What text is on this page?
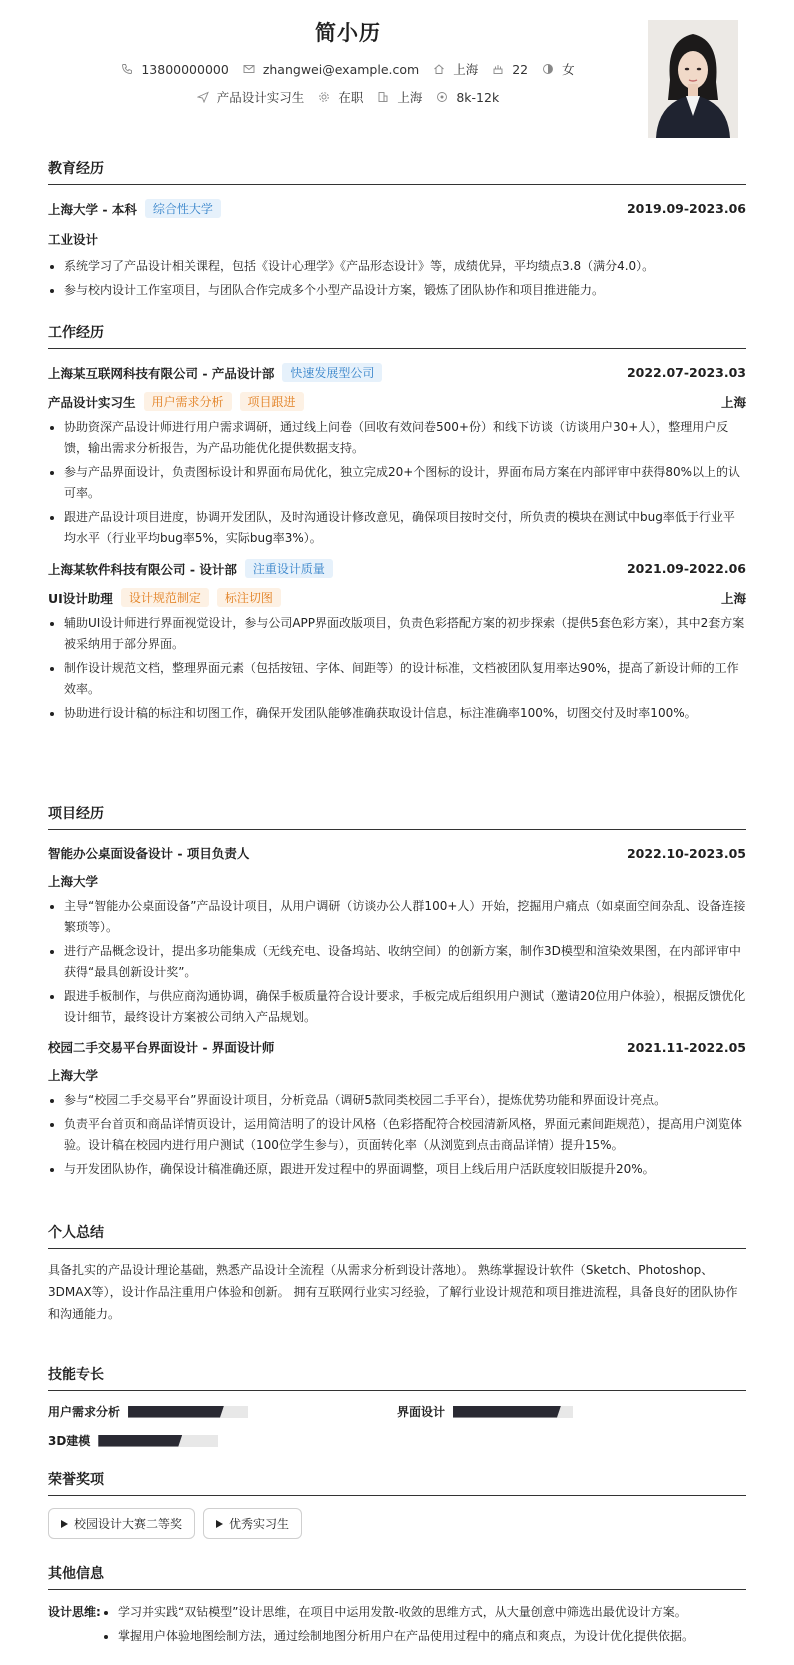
简小历
13800000000	zhangwei@example.com	上海	22	女
产品设计实习生	在职	上海	8k-12k
教育经历
上海大学 - 本科	综合性大学	2019.09-2023.06
工业设计
系统学习了产品设计相关课程，包括《设计心理学》《产品形态设计》等，成绩优异，平均绩点3.8（满分4.0）。
参与校内设计工作室项目，与团队合作完成多个小型产品设计方案，锻炼了团队协作和项目推进能力。
工作经历
上海某互联网科技有限公司 - 产品设计部	快速发展型公司	2022.07-2023.03
产品设计实习生	用户需求分析	项目跟进	上海
协助资深产品设计师进行用户需求调研，通过线上问卷（回收有效问卷500+份）和线下访谈（访谈用户30+人），整理用户反馈，输出需求分析报告，为产品功能优化提供数据支持。
参与产品界面设计，负责图标设计和界面布局优化，独立完成20+个图标的设计，界面布局方案在内部评审中获得80%以上的认可率。
跟进产品设计项目进度，协调开发团队，及时沟通设计修改意见，确保项目按时交付，所负责的模块在测试中bug率低于行业平均水平（行业平均bug率5%，实际bug率3%）。
上海某软件科技有限公司 - 设计部	注重设计质量	2021.09-2022.06
UI设计助理	设计规范制定	标注切图	上海
辅助UI设计师进行界面视觉设计，参与公司APP界面改版项目，负责色彩搭配方案的初步探索（提供5套色彩方案），其中2套方案被采纳用于部分界面。
制作设计规范文档，整理界面元素（包括按钮、字体、间距等）的设计标准，文档被团队复用率达90%，提高了新设计师的工作效率。
协助进行设计稿的标注和切图工作，确保开发团队能够准确获取设计信息，标注准确率100%，切图交付及时率100%。
项目经历
智能办公桌面设备设计 - 项目负责人	2022.10-2023.05
上海大学
主导“智能办公桌面设备”产品设计项目，从用户调研（访谈办公人群100+人）开始，挖掘用户痛点（如桌面空间杂乱、设备连接繁琐等）。
进行产品概念设计，提出多功能集成（无线充电、设备坞站、收纳空间）的创新方案，制作3D模型和渲染效果图，在内部评审中获得“最具创新设计奖”。
跟进手板制作，与供应商沟通协调，确保手板质量符合设计要求，手板完成后组织用户测试（邀请20位用户体验），根据反馈优化设计细节，最终设计方案被公司纳入产品规划。
校园二手交易平台界面设计 - 界面设计师	2021.11-2022.05
上海大学
参与“校园二手交易平台”界面设计项目，分析竞品（调研5款同类校园二手平台），提炼优势功能和界面设计亮点。
负责平台首页和商品详情页设计，运用简洁明了的设计风格（色彩搭配符合校园清新风格，界面元素间距规范），提高用户浏览体验。设计稿在校园内进行用户测试（100位学生参与），页面转化率（从浏览到点击商品详情）提升15%。
与开发团队协作，确保设计稿准确还原，跟进开发过程中的界面调整，项目上线后用户活跃度较旧版提升20%。
个人总结
具备扎实的产品设计理论基础，熟悉产品设计全流程（从需求分析到设计落地）。 熟练掌握设计软件（Sketch、Photoshop、3DMAX等），设计作品注重用户体验和创新。 拥有互联网行业实习经验，了解行业设计规范和项目推进流程，具备良好的团队协作和沟通能力。
技能专长
用户需求分析	界面设计
3D建模
荣誉奖项
校园设计大赛二等奖	优秀实习生
其他信息
设计思维:	学习并实践“双钻模型”设计思维，在项目中运用发散-收敛的思维方式，从大量创意中筛选出最优设计方案。
掌握用户体验地图绘制方法，通过绘制地图分析用户在产品使用过程中的痛点和爽点，为设计优化提供依据。
